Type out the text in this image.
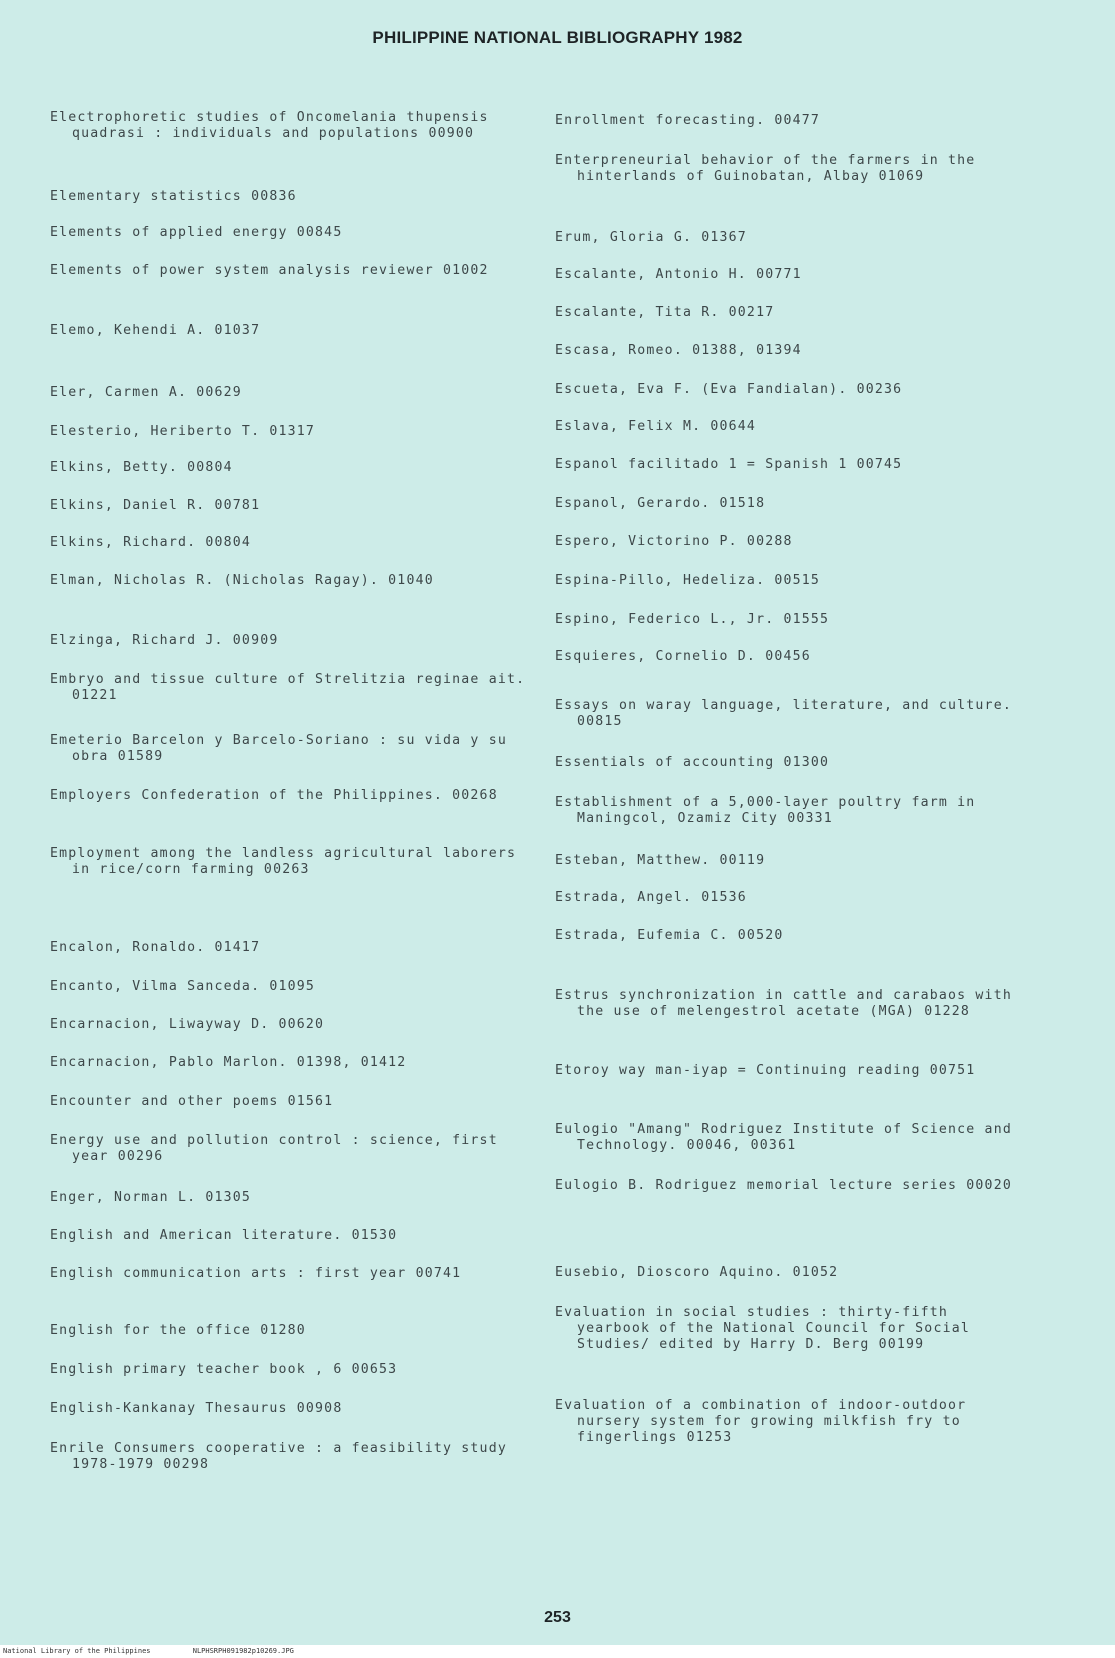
PHILIPPINE NATIONAL BIBLIOGRAPHY 1982
Electrophoretic studies of Oncomelania thupensis quadrasi : individuals and populations 00900
Elementary statistics 00836
Elements of applied energy 00845
Elements of power system analysis reviewer 01002
Elemo, Kehendi A. 01037
Eler, Carmen A. 00629
Elesterio, Heriberto T. 01317
Elkins, Betty. 00804
Elkins, Daniel R. 00781
Elkins, Richard. 00804
Elman, Nicholas R. (Nicholas Ragay). 01040
Elzinga, Richard J. 00909
Embryo and tissue culture of Strelitzia reginae ait. 01221
Emeterio Barcelon y Barcelo-Soriano : su vida y su obra 01589
Employers Confederation of the Philippines. 00268
Employment among the landless agricultural laborers in rice/corn farming 00263
Encalon, Ronaldo. 01417
Encanto, Vilma Sanceda. 01095
Encarnacion, Liwayway D. 00620
Encarnacion, Pablo Marlon. 01398, 01412
Encounter and other poems 01561
Energy use and pollution control : science, first year 00296
Enger, Norman L. 01305
English and American literature. 01530
English communication arts : first year 00741
English for the office 01280
English primary teacher book , 6 00653
English-Kankanay Thesaurus 00908
Enrile Consumers cooperative : a feasibility study 1978-1979 00298
Enrollment forecasting. 00477
Enterpreneurial behavior of the farmers in the hinterlands of Guinobatan, Albay 01069
Erum, Gloria G. 01367
Escalante, Antonio H. 00771
Escalante, Tita R. 00217
Escasa, Romeo. 01388, 01394
Escueta, Eva F. (Eva Fandialan). 00236
Eslava, Felix M. 00644
Espanol facilitado 1 = Spanish 1 00745
Espanol, Gerardo. 01518
Espero, Victorino P. 00288
Espina-Pillo, Hedeliza. 00515
Espino, Federico L., Jr. 01555
Esquieres, Cornelio D. 00456
Essays on waray language, literature, and culture. 00815
Essentials of accounting 01300
Establishment of a 5,000-layer poultry farm in Maningcol, Ozamiz City 00331
Esteban, Matthew. 00119
Estrada, Angel. 01536
Estrada, Eufemia C. 00520
Estrus synchronization in cattle and carabaos with the use of melengestrol acetate (MGA) 01228
Etoroy way man-iyap = Continuing reading 00751
Eulogio "Amang" Rodriguez Institute of Science and Technology. 00046, 00361
Eulogio B. Rodriguez memorial lecture series 00020
Eusebio, Dioscoro Aquino. 01052
Evaluation in social studies : thirty-fifth yearbook of the National Council for Social Studies/ edited by Harry D. Berg 00199
Evaluation of a combination of indoor-outdoor nursery system for growing milkfish fry to fingerlings 01253
253
National Library of the Philippines	NLPHSRPH091982p10269.JPG
